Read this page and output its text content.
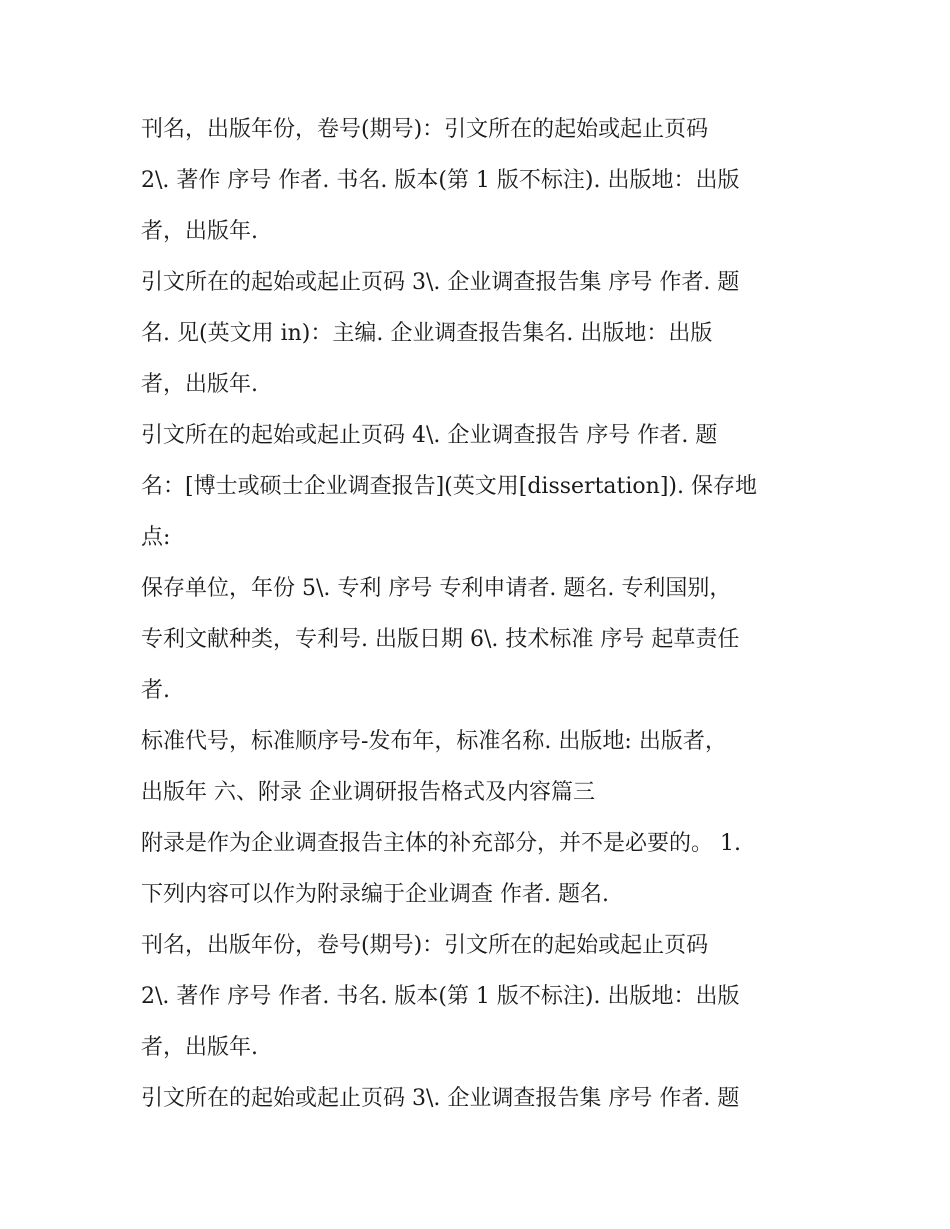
刊名，出版年份，卷号(期号)：引文所在的起始或起止页码
2\. 著作 序号 作者. 书名. 版本(第 1 版不标注). 出版地：出版
者，出版年.
引文所在的起始或起止页码 3\. 企业调查报告集 序号 作者. 题
名. 见(英文用 in)：主编. 企业调查报告集名. 出版地：出版
者，出版年.
引文所在的起始或起止页码 4\. 企业调查报告 序号 作者. 题
名：[博士或硕士企业调查报告](英文用[dissertation]). 保存地
点:
保存单位，年份 5\. 专利 序号 专利申请者. 题名. 专利国别，
专利文献种类，专利号. 出版日期 6\. 技术标准 序号 起草责任
者.
标准代号，标准顺序号-发布年，标准名称. 出版地: 出版者，
出版年 六、附录 企业调研报告格式及内容篇三
附录是作为企业调查报告主体的补充部分，并不是必要的。 1.
下列内容可以作为附录编于企业调查 作者. 题名.
刊名，出版年份，卷号(期号)：引文所在的起始或起止页码
2\. 著作 序号 作者. 书名. 版本(第 1 版不标注). 出版地：出版
者，出版年.
引文所在的起始或起止页码 3\. 企业调查报告集 序号 作者. 题
